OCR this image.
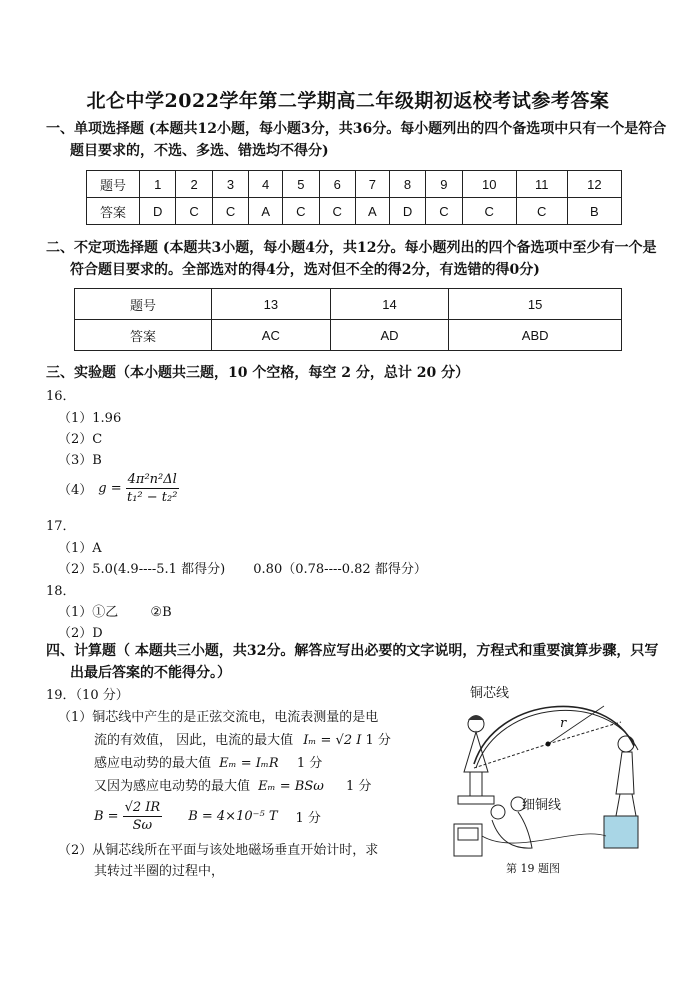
北仑中学2022学年第二学期高二年级期初返校考试参考答案
一、单项选择题 (本题共12小题，每小题3分，共36分。每小题列出的四个备选项中只有一个是符合
题目要求的，不选、多选、错选均不得分)
题号	1	2	3	4	5	6	7	8	9	10	11	12
答案	D	C	C	A	C	C	A	D	C	C	C	B
二、不定项选择题 (本题共3小题，每小题4分，共12分。每小题列出的四个备选项中至少有一个是
符合题目要求的。全部选对的得4分，选对但不全的得2分，有选错的得0分)
题号	13	14	15
答案	AC	AD	ABD
三、实验题（本小题共三题，10 个空格，每空 2 分，总计 20 分）
16．
（1）1.96
（2）C
（3）B
（4） $g = \frac{\text{4π²n²Δl}}{\text{t₁² − t₂²}}$
17．
（1）A
（2）5.0(4.9----5.1 都得分) 0.80（0.78----0.82 都得分）
18．
（1）①乙 ②B
（2）D
四、计算题（ 本题共三小题，共32分。解答应写出必要的文字说明，方程式和重要演算步骤，只写
出最后答案的不能得分。）
19．（10 分）
（1）铜芯线中产生的是正弦交流电，电流表测量的是电
流的有效值， 因此，电流的最大值 Iₘ = √2 I 1 分
感应电动势的最大值 Eₘ = IₘR 1 分
又因为感应电动势的最大值 Eₘ = BSω 1 分
$B = \frac{√2 IR}{S\omega}$ B = 4×10⁻⁵ T 1 分
（2）从铜芯线所在平面与该处地磁场垂直开始计时，求
其转过半圈的过程中，
铜芯线
r
细铜线
第 19 题图
